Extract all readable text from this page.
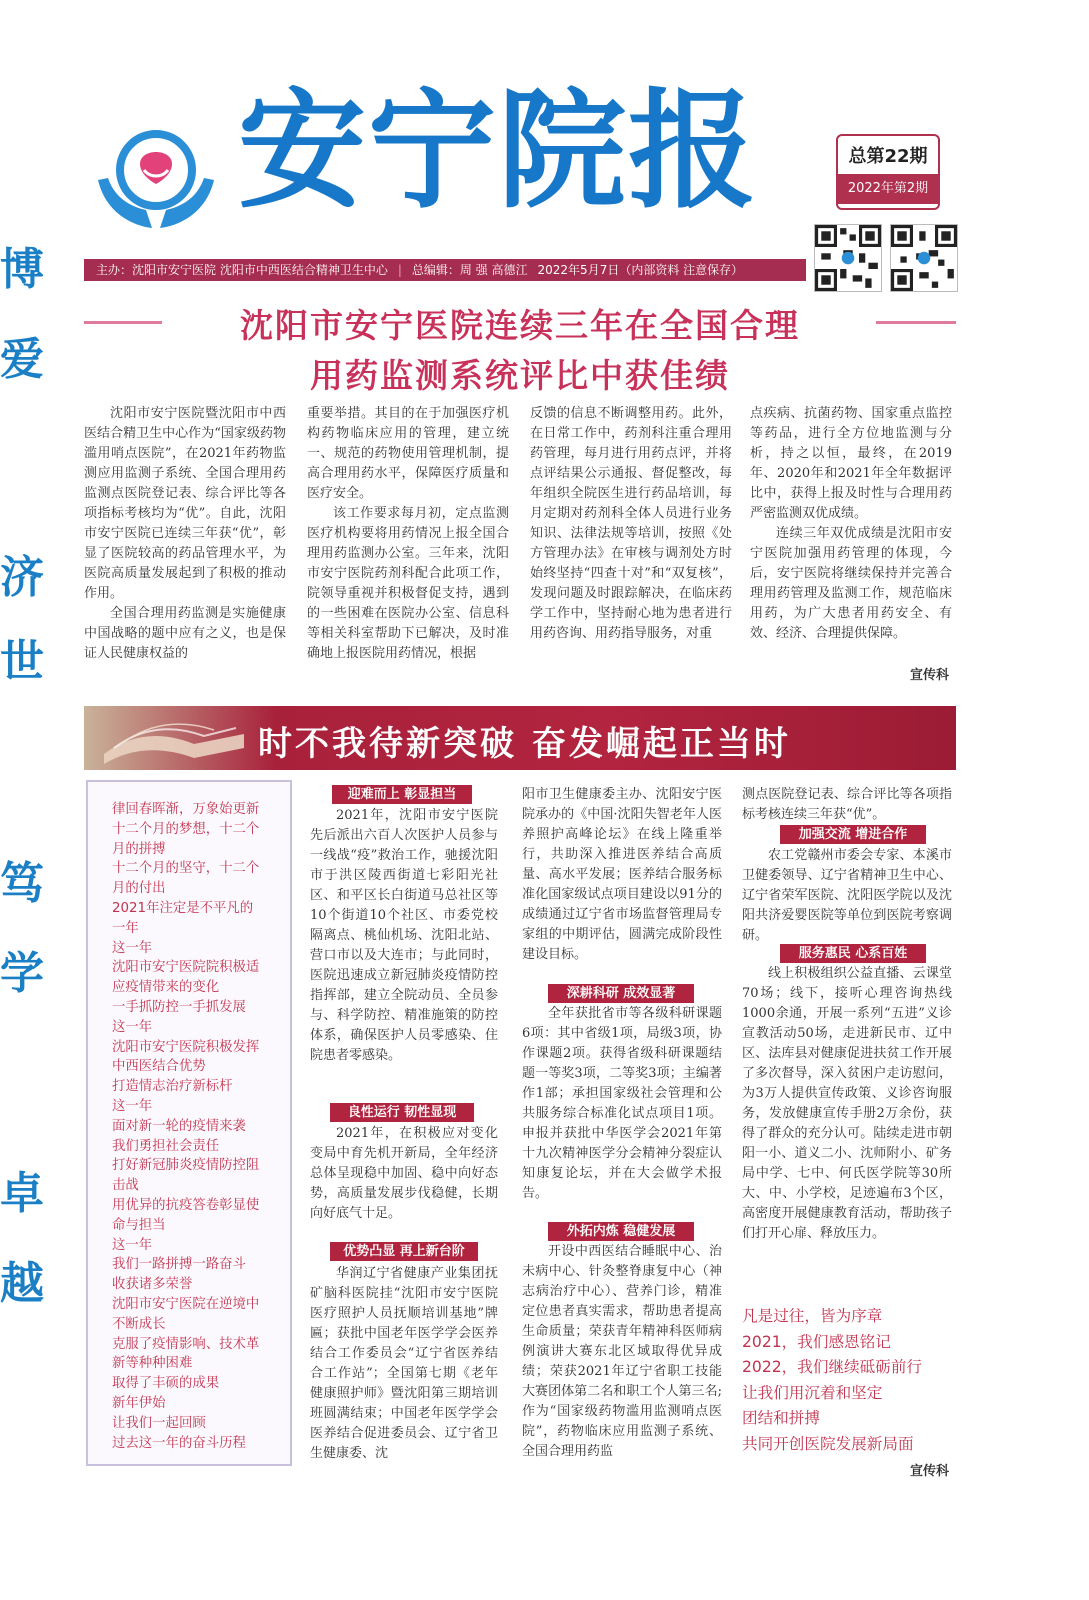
博
爱
济
世
笃
学
卓
越
安宁院报	总第22期
2022年第2期
主办：沈阳市安宁医院 沈阳市中西医结合精神卫生中心 | 总编辑：周 强 高德江 2022年5月7日（内部资料 注意保存）
沈阳市安宁医院连续三年在全国合理
用药监测系统评比中获佳绩

沈阳市安宁医院暨沈阳市中西医结合精卫生中心作为“国家级药物滥用哨点医院”，在2021年药物监测应用监测子系统、全国合理用药监测点医院登记表、综合评比等各项指标考核均为“优”。自此，沈阳市安宁医院已连续三年获“优”，彰显了医院较高的药品管理水平，为医院高质量发展起到了积极的推动作用。

全国合理用药监测是实施健康中国战略的题中应有之义，也是保证人民健康权益的

重要举措。其目的在于加强医疗机构药物临床应用的管理，建立统一、规范的药物使用管理机制，提高合理用药水平，保障医疗质量和医疗安全。

该工作要求每月初，定点监测医疗机构要将用药情况上报全国合理用药监测办公室。三年来，沈阳市安宁医院药剂科配合此项工作，院领导重视并积极督促支持，遇到的一些困难在医院办公室、信息科等相关科室帮助下已解决，及时准确地上报医院用药情况，根据

反馈的信息不断调整用药。此外，在日常工作中，药剂科注重合理用药管理，每月进行用药点评，并将点评结果公示通报、督促整改，每年组织全院医生进行药品培训，每月定期对药剂科全体人员进行业务知识、法律法规等培训，按照《处方管理办法》在审核与调剂处方时始终坚持“四查十对”和“双复核”，发现问题及时跟踪解决，在临床药学工作中，坚持耐心地为患者进行用药咨询、用药指导服务，对重

点疾病、抗菌药物、国家重点监控等药品，进行全方位地监测与分析，持之以恒，最终，在2019年、2020年和2021年全年数据评比中，获得上报及时性与合理用药严密监测双优成绩。

连续三年双优成绩是沈阳市安宁医院加强用药管理的体现，今后，安宁医院将继续保持并完善合理用药管理及监测工作，规范临床用药，为广大患者用药安全、有效、经济、合理提供保障。

宣传科
时不我待新突破 奋发崛起正当时
律回春晖渐，万象始更新
十二个月的梦想，十二个
月的拼搏
十二个月的坚守，十二个
月的付出
2021年注定是不平凡的
一年
这一年
沈阳市安宁医院院积极适
应疫情带来的变化
一手抓防控一手抓发展
这一年
沈阳市安宁医院积极发挥
中西医结合优势
打造情志治疗新标杆
这一年
面对新一轮的疫情来袭
我们勇担社会责任
打好新冠肺炎疫情防控阻
击战
用优异的抗疫答卷彰显使
命与担当
这一年
我们一路拼搏一路奋斗
收获诸多荣誉
沈阳市安宁医院在逆境中
不断成长
克服了疫情影响、技术革
新等种种困难
取得了丰硕的成果
新年伊始
让我们一起回顾
过去这一年的奋斗历程
迎难而上 彰显担当

2021年，沈阳市安宁医院先后派出六百人次医护人员参与一线战“疫”救治工作，驰援沈阳市于洪区陵西街道七彩阳光社区、和平区长白街道马总社区等10个街道10个社区、市委党校隔离点、桃仙机场、沈阳北站、营口市以及大连市；与此同时，医院迅速成立新冠肺炎疫情防控指挥部，建立全院动员、全员参与、科学防控、精准施策的防控体系，确保医护人员零感染、住院患者零感染。

良性运行 韧性显现

2021年，在积极应对变化变局中育先机开新局，全年经济总体呈现稳中加固、稳中向好态势，高质量发展步伐稳健，长期向好底气十足。

优势凸显 再上新台阶

华润辽宁省健康产业集团抚矿脑科医院挂“沈阳市安宁医院医疗照护人员抚顺培训基地”牌匾；获批中国老年医学学会医养结合工作委员会“辽宁省医养结合工作站”；全国第七期《老年健康照护师》暨沈阳第三期培训班圆满结束；中国老年医学学会医养结合促进委员会、辽宁省卫生健康委、沈

阳市卫生健康委主办、沈阳安宁医院承办的《中国·沈阳失智老年人医养照护高峰论坛》在线上隆重举行，共助深入推进医养结合高质量、高水平发展；医养结合服务标准化国家级试点项目建设以91分的成绩通过辽宁省市场监督管理局专家组的中期评估，圆满完成阶段性建设目标。

深耕科研 成效显著

全年获批省市等各级科研课题6项：其中省级1项，局级3项，协作课题2项。获得省级科研课题结题一等奖3项，二等奖3项；主编著作1部；承担国家级社会管理和公共服务综合标准化试点项目1项。申报并获批中华医学会2021年第十九次精神医学分会精神分裂症认知康复论坛，并在大会做学术报告。

外拓内炼 稳健发展

开设中西医结合睡眠中心、治未病中心、针灸整脊康复中心（神志病治疗中心）、营养门诊，精准定位患者真实需求，帮助患者提高生命质量；荣获青年精神科医师病例演讲大赛东北区域取得优异成绩；荣获2021年辽宁省职工技能大赛团体第二名和职工个人第三名;作为“国家级药物滥用监测哨点医院”，药物临床应用监测子系统、全国合理用药监

测点医院登记表、综合评比等各项指标考核连续三年获“优”。

加强交流 增进合作

农工党赣州市委会专家、本溪市卫健委领导、辽宁省精神卫生中心、辽宁省荣军医院、沈阳医学院以及沈阳共济爱婴医院等单位到医院考察调研。

服务惠民 心系百姓

线上积极组织公益直播、云课堂70场；线下，接听心理咨询热线1000余通，开展一系列“五进”义诊宣教活动50场，走进新民市、辽中区、法库县对健康促进扶贫工作开展了多次督导，深入贫困户走访慰问，为3万人提供宣传政策、义诊咨询服务，发放健康宣传手册2万余份，获得了群众的充分认可。陆续走进市朝阳一小、道义二小、沈师附小、矿务局中学、七中、何氏医学院等30所大、中、小学校，足迹遍布3个区，高密度开展健康教育活动，帮助孩子们打开心扉、释放压力。

凡是过往，皆为序章
2021，我们感恩铭记
2022，我们继续砥砺前行
让我们用沉着和坚定
团结和拼搏
共同开创医院发展新局面
宣传科
